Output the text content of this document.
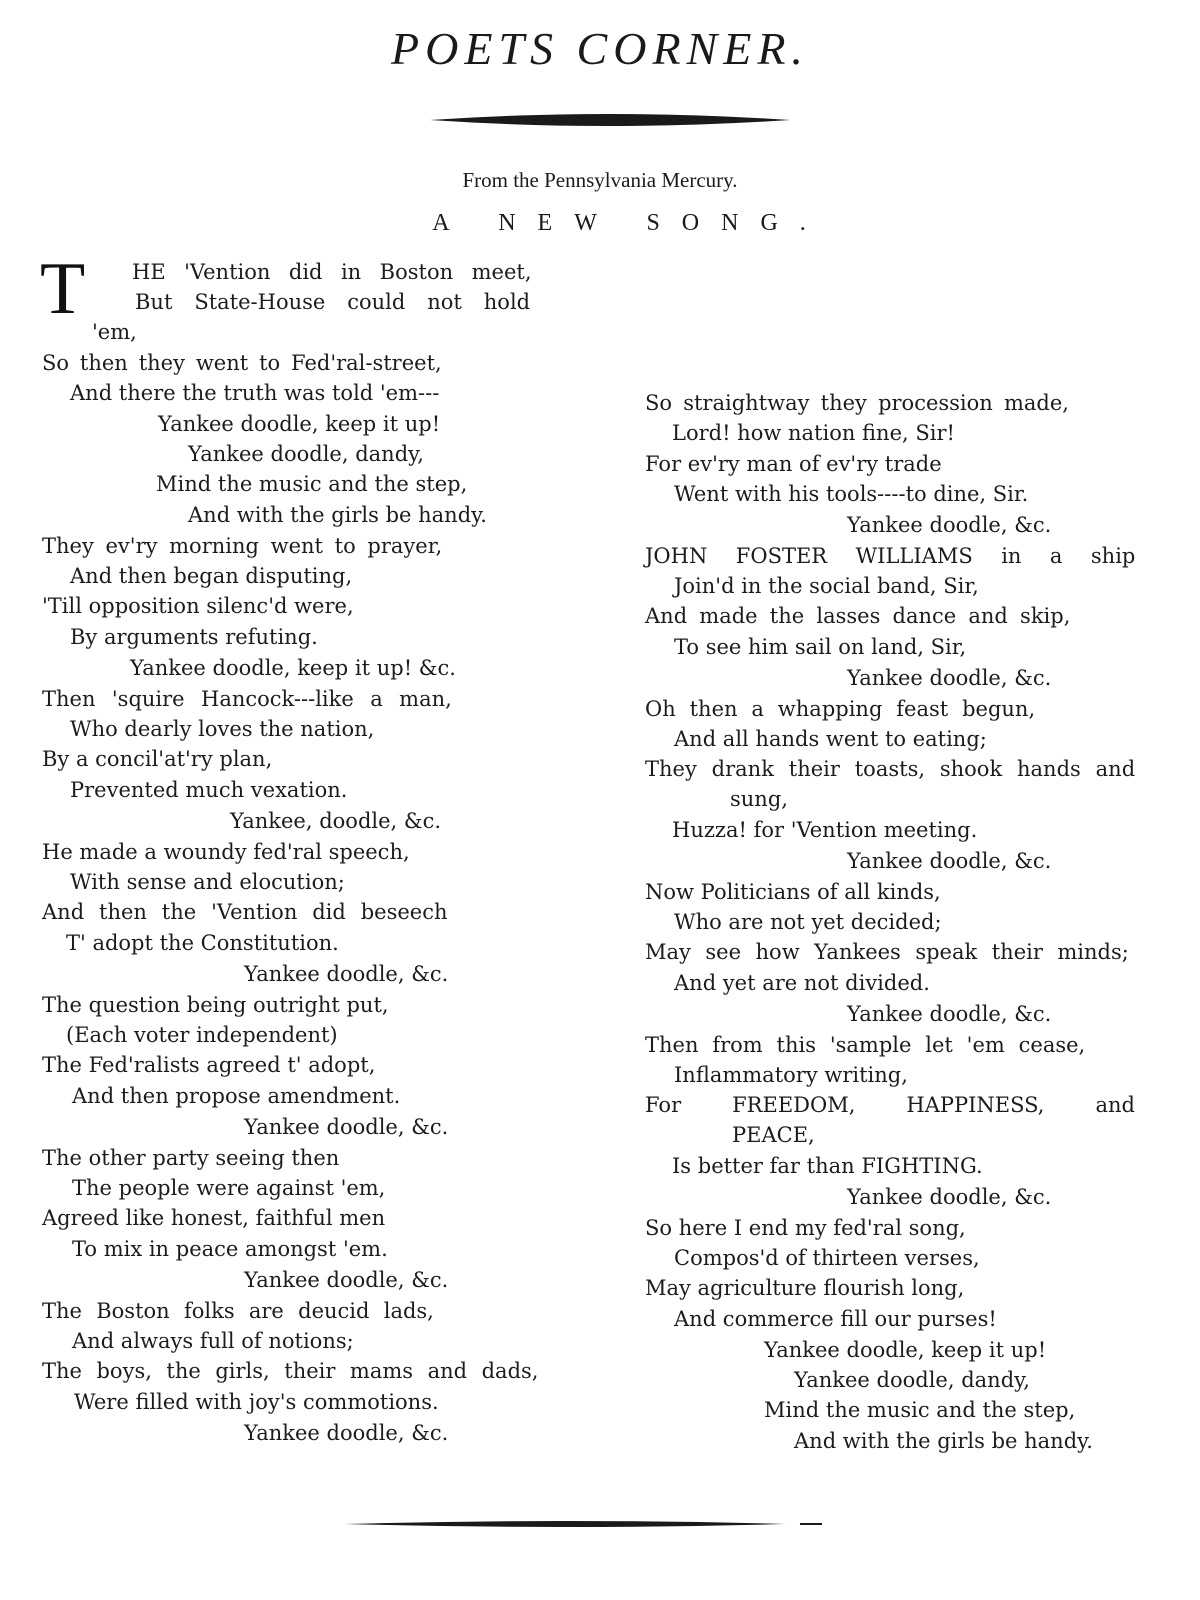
POETS CORNER.
From the Pennsylvania Mercury.
A NEW SONG.
T HE 'Vention did in Boston meet,
But State-House could not hold
'em,
So then they went to Fed'ral-street,
And there the truth was told 'em---
Yankee doodle, keep it up!
Yankee doodle, dandy,
Mind the music and the step,
And with the girls be handy.
They ev'ry morning went to prayer,
And then began disputing,
'Till opposition silenc'd were,
By arguments refuting.
Yankee doodle, keep it up! &c.
Then 'squire Hancock---like a man,
Who dearly loves the nation,
By a concil'at'ry plan,
Prevented much vexation.
Yankee, doodle, &c.
He made a woundy fed'ral speech,
With sense and elocution;
And then the 'Vention did beseech
T' adopt the Constitution.
Yankee doodle, &c.
The question being outright put,
(Each voter independent)
The Fed'ralists agreed t' adopt,
And then propose amendment.
Yankee doodle, &c.
The other party seeing then
The people were against 'em,
Agreed like honest, faithful men
To mix in peace amongst 'em.
Yankee doodle, &c.
The Boston folks are deucid lads,
And always full of notions;
The boys, the girls, their mams and dads,
Were filled with joy's commotions.
Yankee doodle, &c.
So straightway they procession made,
Lord! how nation fine, Sir!
For ev'ry man of ev'ry trade
Went with his tools----to dine, Sir.
Yankee doodle, &c.
JOHN FOSTER WILLIAMS in a ship
Join'd in the social band, Sir,
And made the lasses dance and skip,
To see him sail on land, Sir,
Yankee doodle, &c.
Oh then a whapping feast begun,
And all hands went to eating;
They drank their toasts, shook hands and
sung,
Huzza! for 'Vention meeting.
Yankee doodle, &c.
Now Politicians of all kinds,
Who are not yet decided;
May see how Yankees speak their minds;
And yet are not divided.
Yankee doodle, &c.
Then from this 'sample let 'em cease,
Inflammatory writing,
For FREEDOM, HAPPINESS, and
PEACE,
Is better far than FIGHTING.
Yankee doodle, &c.
So here I end my fed'ral song,
Compos'd of thirteen verses,
May agriculture flourish long,
And commerce fill our purses!
Yankee doodle, keep it up!
Yankee doodle, dandy,
Mind the music and the step,
And with the girls be handy.
